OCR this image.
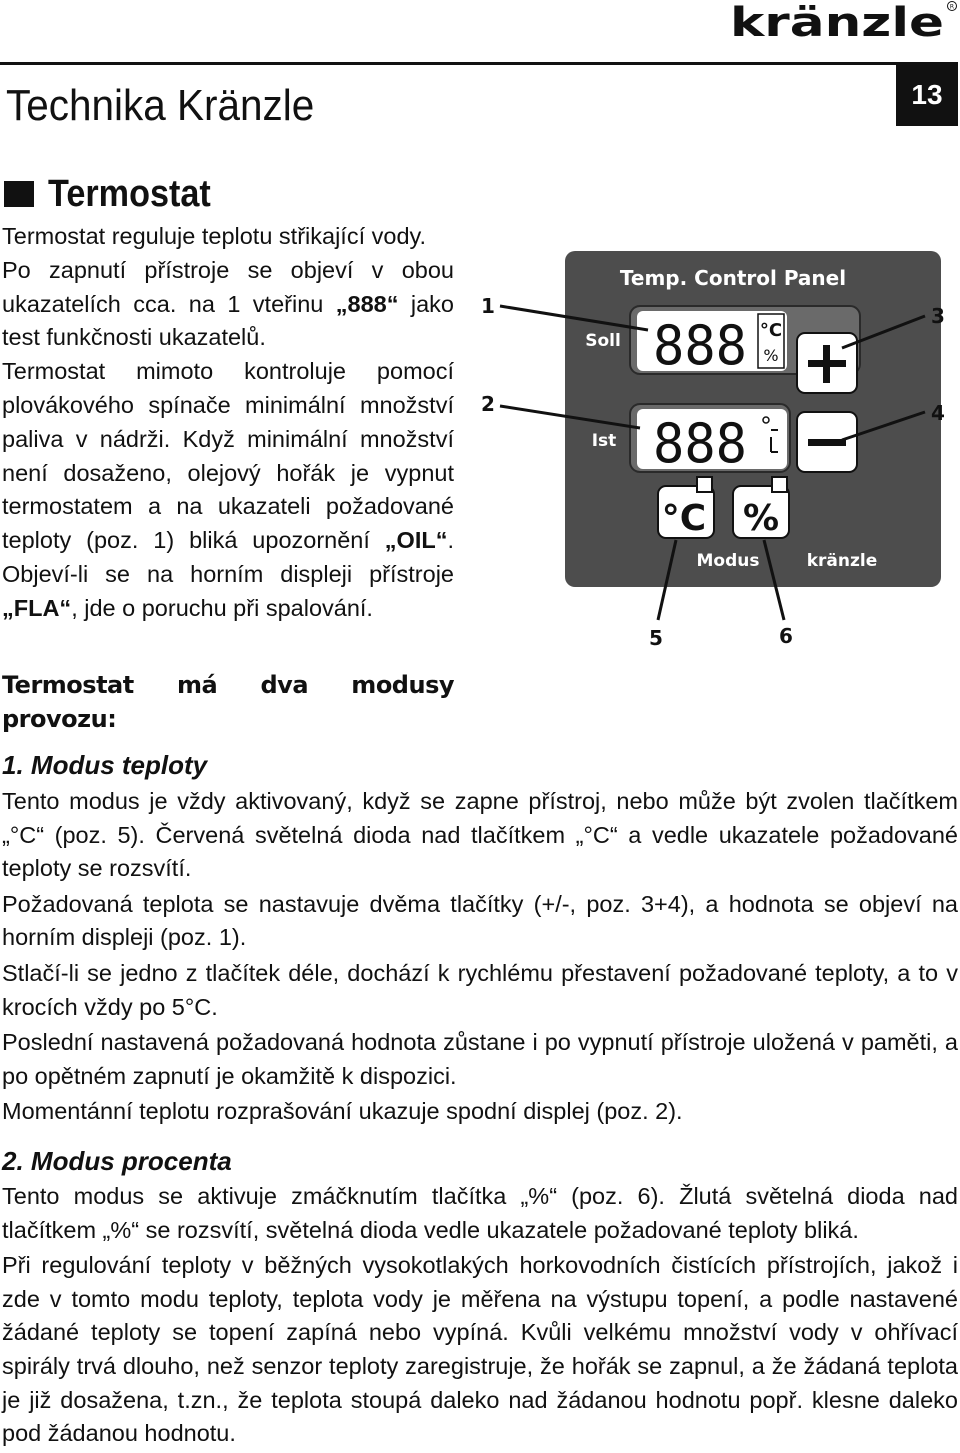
kränzle R
Technika Kränzle	13
Termostat

Termostat reguluje teplotu střikající vody.

Po zapnutí přístroje se objeví v obou ukazatelích cca. na 1 vteřinu „888“ jako test funkčnosti ukazatelů.

Termostat mimoto kontroluje pomocí plovákového spínače minimální množství paliva v nádrži. Když minimální množství není dosaženo, olejový hořák je vypnut termostatem a na ukazateli požadované teploty (poz. 1) bliká upozornění „OIL“. Objeví-li se na horním displeji přístroje „FLA“, jde o poruchu při spalování.

Termostat má dva modusy
provozu:
Temp. Control Panel
888 °C
%
Soll
888
Ist
°C %
Modus	kränzle
1
2
3
4
5	6
1. Modus teploty

Tento modus je vždy aktivovaný, když se zapne přístroj, nebo může být zvolen tlačítkem „°C“ (poz. 5). Červená světelná dioda nad tlačítkem „°C“ a vedle ukazatele požadované teploty se rozsvítí.

Požadovaná teplota se nastavuje dvěma tlačítky (+/-, poz. 3+4), a hodnota se objeví na horním displeji (poz. 1).

Stlačí-li se jedno z tlačítek déle, dochází k rychlému přestavení požadované teploty, a to v krocích vždy po 5°C.

Poslední nastavená požadovaná hodnota zůstane i po vypnutí přístroje uložená v paměti, a po opětném zapnutí je okamžitě k dispozici.

Momentánní teplotu rozprašování ukazuje spodní displej (poz. 2).

2. Modus procenta

Tento modus se aktivuje zmáčknutím tlačítka „%“ (poz. 6). Žlutá světelná dioda nad tlačítkem „%“ se rozsvítí, světelná dioda vedle ukazatele požadované teploty bliká.

Při regulování teploty v běžných vysokotlakých horkovodních čistících přístrojích, jakož i zde v tomto modu teploty, teplota vody je měřena na výstupu topení, a podle nastavené žádané teploty se topení zapíná nebo vypíná. Kvůli velkému množství vody v ohřívací spirály trvá dlouho, než senzor teploty zaregistruje, že hořák se zapnul, a že žádaná teplota je již dosažena, t.zn., že teplota stoupá daleko nad žádanou hodnotu popř. klesne daleko pod žádanou hodnotu.
